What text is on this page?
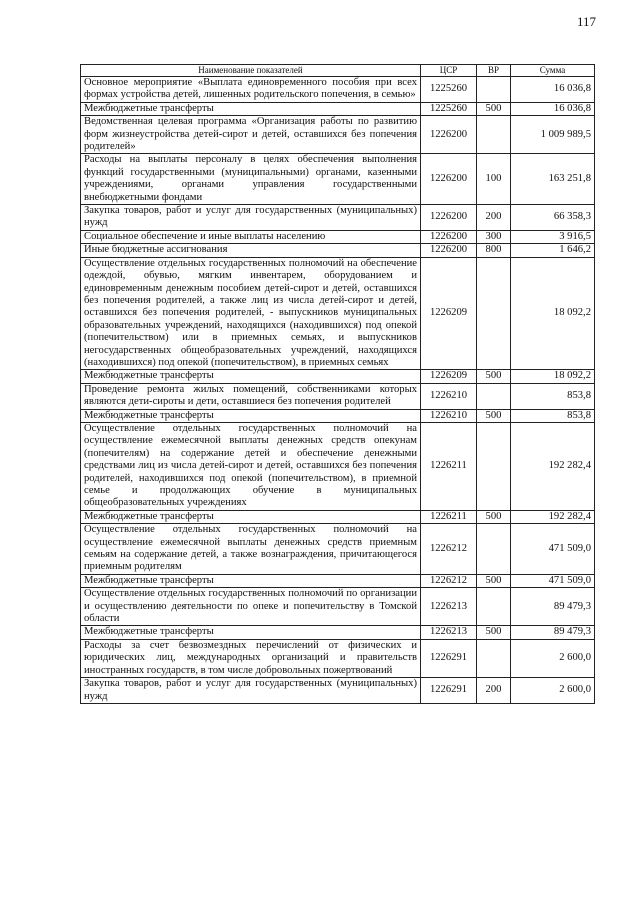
117
Наименование показателей	ЦСР	ВР	Сумма
Основное мероприятие «Выплата единовременного пособия при всех формах устройства детей, лишенных родительского попечения, в семью»	1225260		16 036,8
Межбюджетные трансферты	1225260	500	16 036,8
Ведомственная целевая программа «Организация работы по развитию форм жизнеустройства детей-сирот и детей, оставшихся без попечения родителей»	1226200		1 009 989,5
Расходы на выплаты персоналу в целях обеспечения выполнения функций государственными (муниципальными) органами, казенными учреждениями, органами управления государственными внебюджетными фондами	1226200	100	163 251,8
Закупка товаров, работ и услуг для государственных (муниципальных) нужд	1226200	200	66 358,3
Социальное обеспечение и иные выплаты населению	1226200	300	3 916,5
Иные бюджетные ассигнования	1226200	800	1 646,2
Осуществление отдельных государственных полномочий на обеспечение одеждой, обувью, мягким инвентарем, оборудованием и единовременным денежным пособием детей-сирот и детей, оставшихся без попечения родителей, а также лиц из числа детей-сирот и детей, оставшихся без попечения родителей, - выпускников муниципальных образовательных учреждений, находящихся (находившихся) под опекой (попечительством) или в приемных семьях, и выпускников негосударственных общеобразовательных учреждений, находящихся (находившихся) под опекой (попечительством), в приемных семьях	1226209		18 092,2
Межбюджетные трансферты	1226209	500	18 092,2
Проведение ремонта жилых помещений, собственниками которых являются дети-сироты и дети, оставшиеся без попечения родителей	1226210		853,8
Межбюджетные трансферты	1226210	500	853,8
Осуществление отдельных государственных полномочий на осуществление ежемесячной выплаты денежных средств опекунам (попечителям) на содержание детей и обеспечение денежными средствами лиц из числа детей-сирот и детей, оставшихся без попечения родителей, находившихся под опекой (попечительством), в приемной семье и продолжающих обучение в муниципальных общеобразовательных учреждениях	1226211		192 282,4
Межбюджетные трансферты	1226211	500	192 282,4
Осуществление отдельных государственных полномочий на осуществление ежемесячной выплаты денежных средств приемным семьям на содержание детей, а также вознаграждения, причитающегося приемным родителям	1226212		471 509,0
Межбюджетные трансферты	1226212	500	471 509,0
Осуществление отдельных государственных полномочий по организации и осуществлению деятельности по опеке и попечительству в Томской области	1226213		89 479,3
Межбюджетные трансферты	1226213	500	89 479,3
Расходы за счет безвозмездных перечислений от физических и юридических лиц, международных организаций и правительств иностранных государств, в том числе добровольных пожертвований	1226291		2 600,0
Закупка товаров, работ и услуг для государственных (муниципальных) нужд	1226291	200	2 600,0
